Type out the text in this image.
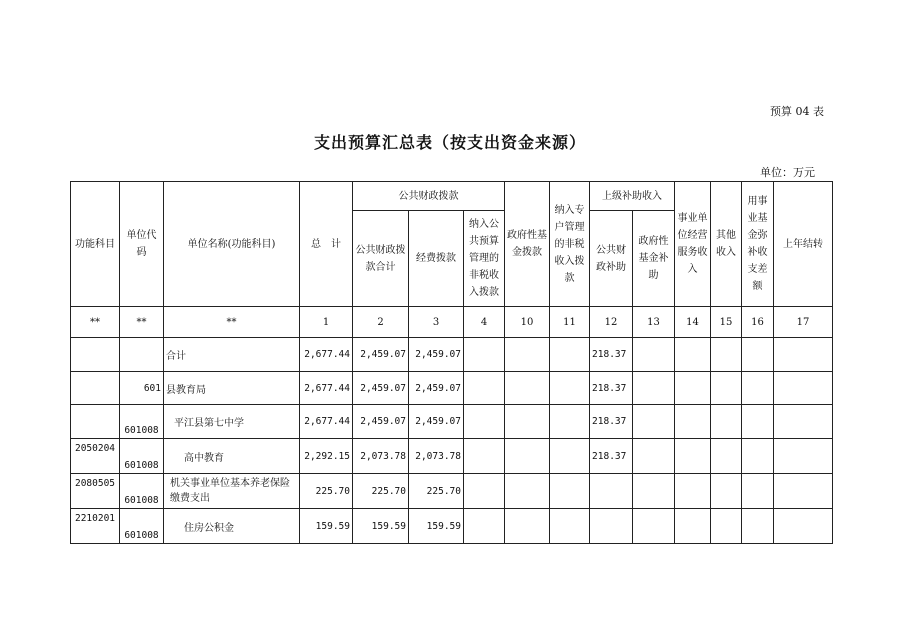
预算 04 表
支出预算汇总表（按支出资金来源）
单位：万元
功能科目	单位代码	单位名称(功能科目)	总　计	公共财政拨款			政府性基金拨款	纳入专户管理的非税收入拨款	上级补助收入		事业单位经营服务收入	其他收入	用事业基金弥补收支差额	上年结转
				公共财政拨款合计	经费拨款	纳入公共预算管理的非税收入拨款			公共财政补助	政府性基金补助				
**	**	**	1	2	3	4	10	11	12	13	14	15	16	17
		合计	2,677.44	2,459.07	2,459.07				218.37					
	601	县教育局	2,677.44	2,459.07	2,459.07				218.37					
	601008	平江县第七中学	2,677.44	2,459.07	2,459.07				218.37					
2050204	601008	高中教育	2,292.15	2,073.78	2,073.78				218.37					
2080505	601008	机关事业单位基本养老保险缴费支出	225.70	225.70	225.70									
2210201	601008	住房公积金	159.59	159.59	159.59									
